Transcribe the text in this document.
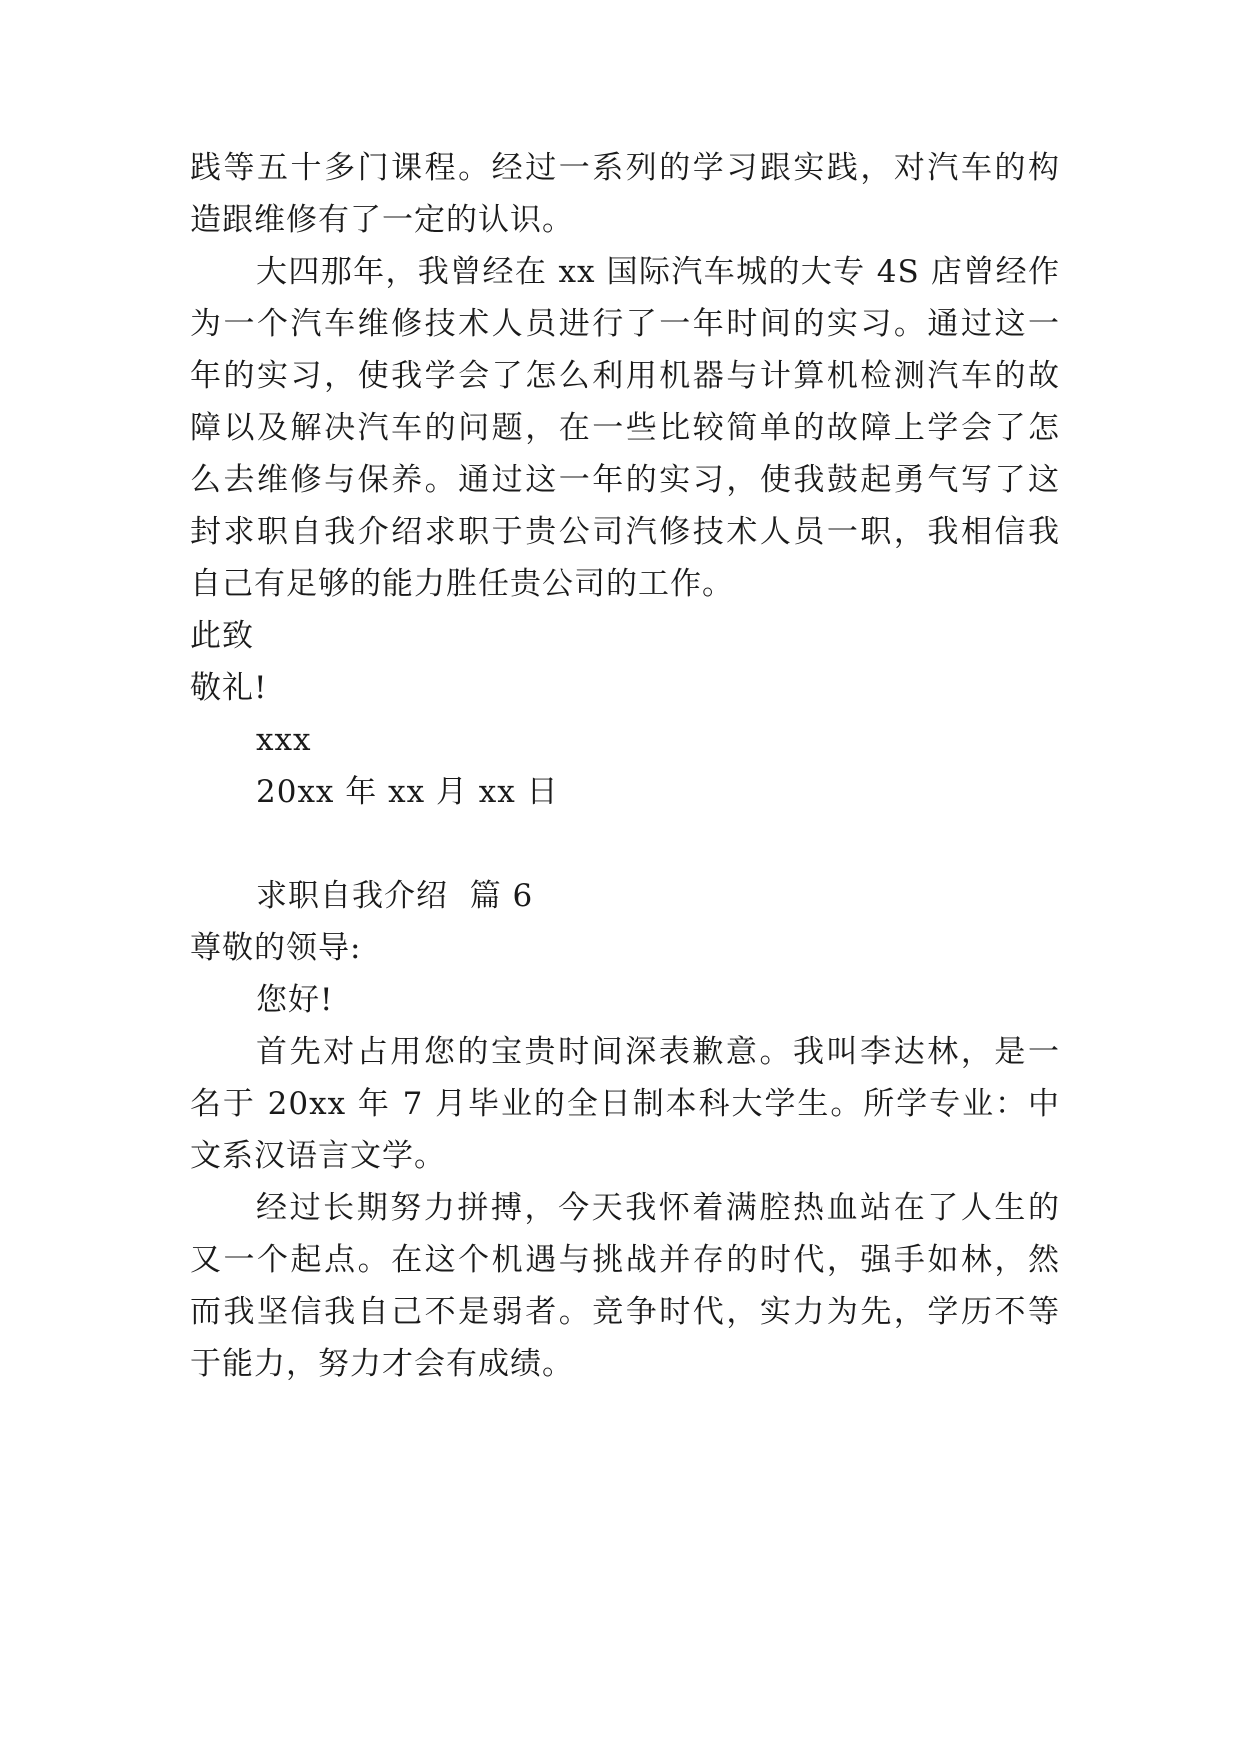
践等五十多门课程。经过一系列的学习跟实践，对汽车的构
造跟维修有了一定的认识。
大四那年，我曾经在 xx 国际汽车城的大专 4S 店曾经作
为一个汽车维修技术人员进行了一年时间的实习。通过这一
年的实习，使我学会了怎么利用机器与计算机检测汽车的故
障以及解决汽车的问题，在一些比较简单的故障上学会了怎
么去维修与保养。通过这一年的实习，使我鼓起勇气写了这
封求职自我介绍求职于贵公司汽修技术人员一职，我相信我
自己有足够的能力胜任贵公司的工作。
此致
敬礼!
xxx
20xx 年 xx 月 xx 日
求职自我介绍  篇 6
尊敬的领导:
您好!
首先对占用您的宝贵时间深表歉意。我叫李达林，是一
名于 20xx 年 7 月毕业的全日制本科大学生。所学专业：中
文系汉语言文学。
经过长期努力拼搏，今天我怀着满腔热血站在了人生的
又一个起点。在这个机遇与挑战并存的时代，强手如林，然
而我坚信我自己不是弱者。竞争时代，实力为先，学历不等
于能力，努力才会有成绩。
